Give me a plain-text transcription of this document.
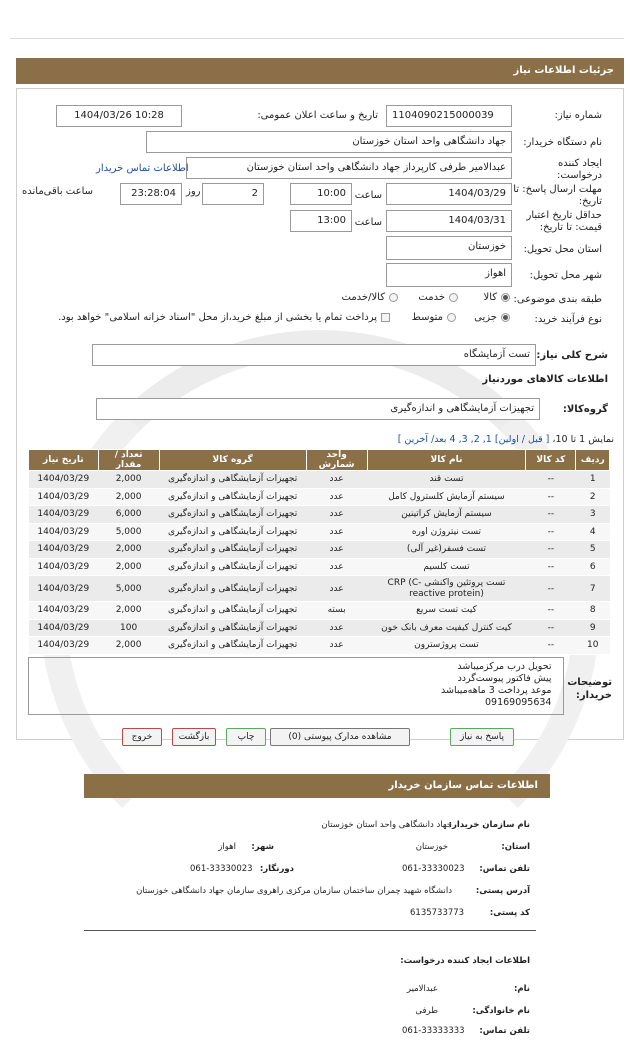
جزئیات اطلاعات نیاز
شماره نیاز:
1104090215000039
تاریخ و ساعت اعلان عمومی:
1404/03/26 10:28
نام دستگاه خریدار:
جهاد دانشگاهی واحد استان خوزستان
ایجاد کننده درخواست:
عبدالامیر طرفی کارپرداز جهاد دانشگاهی واحد استان خوزستان
اطلاعات تماس خریدار
مهلت ارسال پاسخ: تا تاریخ:
1404/03/29
ساعت
10:00
2
روز
23:28:04
ساعت باقی‌مانده
حداقل تاریخ اعتبار قیمت: تا تاریخ:
1404/03/31
ساعت
13:00
استان محل تحویل:
خوزستان
شهر محل تحویل:
اهواز
طبقه بندی موضوعی:
کالا
خدمت
کالا/خدمت
نوع فرآیند خرید:
جزیی
متوسط
پرداخت تمام یا بخشی از مبلغ خرید،از محل "اسناد خزانه اسلامی" خواهد بود.
شرح کلی نیاز:
تست آزمایشگاه
اطلاعات کالاهای موردنیاز
گروه‌کالا:
تجهیزات آزمایشگاهی و اندازه‌گیری
نمایش 1 تا 10، [ قبل / اولین] 1, 2, 3, 4 بعد/ آخرین ]
ردیف	کد کالا	نام کالا	واحد شمارش	گروه کالا	تعداد / مقدار	تاریخ نیاز
1	--	تست قند	عدد	تجهیزات آزمایشگاهی و اندازه‌گیری	2,000	1404/03/29
2	--	سیستم آزمایش کلسترول کامل	عدد	تجهیزات آزمایشگاهی و اندازه‌گیری	2,000	1404/03/29
3	--	سیستم آزمایش کراتینین	عدد	تجهیزات آزمایشگاهی و اندازه‌گیری	6,000	1404/03/29
4	--	تست نیتروژن اوره	عدد	تجهیزات آزمایشگاهی و اندازه‌گیری	5,000	1404/03/29
5	--	تست فسفر(غیر آلی)	عدد	تجهیزات آزمایشگاهی و اندازه‌گیری	2,000	1404/03/29
6	--	تست کلسیم	عدد	تجهیزات آزمایشگاهی و اندازه‌گیری	2,000	1404/03/29
7	--	تست پروتئین واکنشی CRP (C-reactive protein)	عدد	تجهیزات آزمایشگاهی و اندازه‌گیری	5,000	1404/03/29
8	--	کیت تست سریع	بسته	تجهیزات آزمایشگاهی و اندازه‌گیری	2,000	1404/03/29
9	--	کیت کنترل کیفیت معرف بانک خون	عدد	تجهیزات آزمایشگاهی و اندازه‌گیری	100	1404/03/29
10	--	تست پروژسترون	عدد	تجهیزات آزمایشگاهی و اندازه‌گیری	2,000	1404/03/29
توضیحات خریدار:
تحویل درب مرکزمیباشد
پیش فاکتور پیوست‌گردد
موعد پرداخت 3 ماهه‌میباشد
09169095634
پاسخ به نیاز
مشاهده مدارک پیوستی (0)
چاپ
بازگشت
خروج
اطلاعات تماس سازمان خریدار
نام سازمان خریدار:
جهاد دانشگاهی واحد استان خوزستان
استان:
خوزستان
شهر:
اهواز
تلفن تماس:
061-33330023
دورنگار:
061-33330023
آدرس پستی:
دانشگاه شهید چمران ساختمان سازمان مرکزی راهروی سازمان جهاد دانشگاهی خوزستان
کد پستی:
6135733773
اطلاعات ایجاد کننده درخواست:
نام:
عبدالامیر
نام خانوادگی:
طرفی
تلفن تماس:
061-33333333
